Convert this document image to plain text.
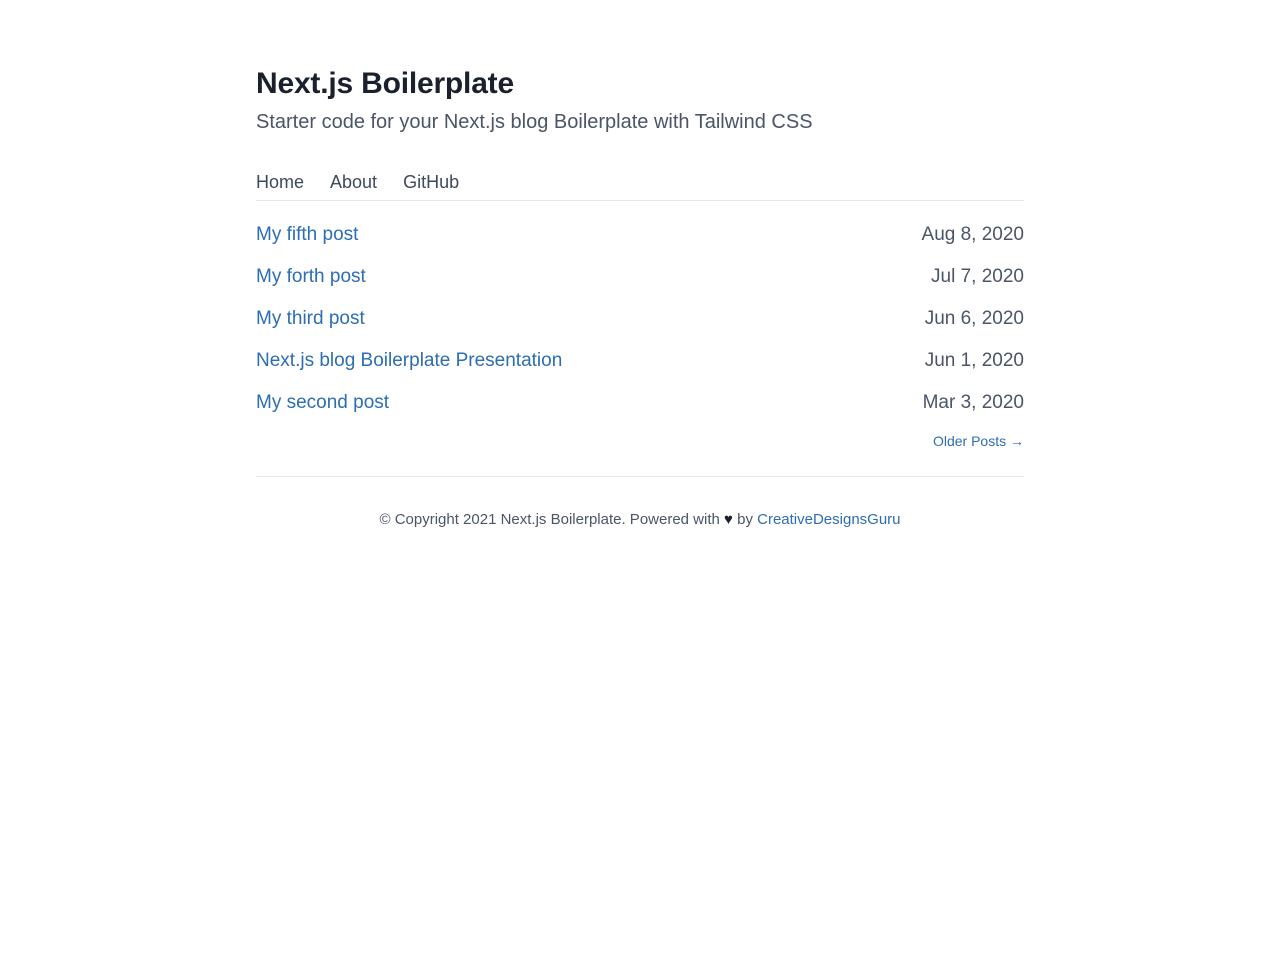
Next.js Boilerplate

Starter code for your Next.js blog Boilerplate with Tailwind CSS

Home About GitHub
My fifth post	Aug 8, 2020
My forth post	Jul 7, 2020
My third post	Jun 6, 2020
Next.js blog Boilerplate Presentation	Jun 1, 2020
My second post	Mar 3, 2020
Older Posts →
© Copyright 2021 Next.js Boilerplate. Powered with ♥ by CreativeDesignsGuru
